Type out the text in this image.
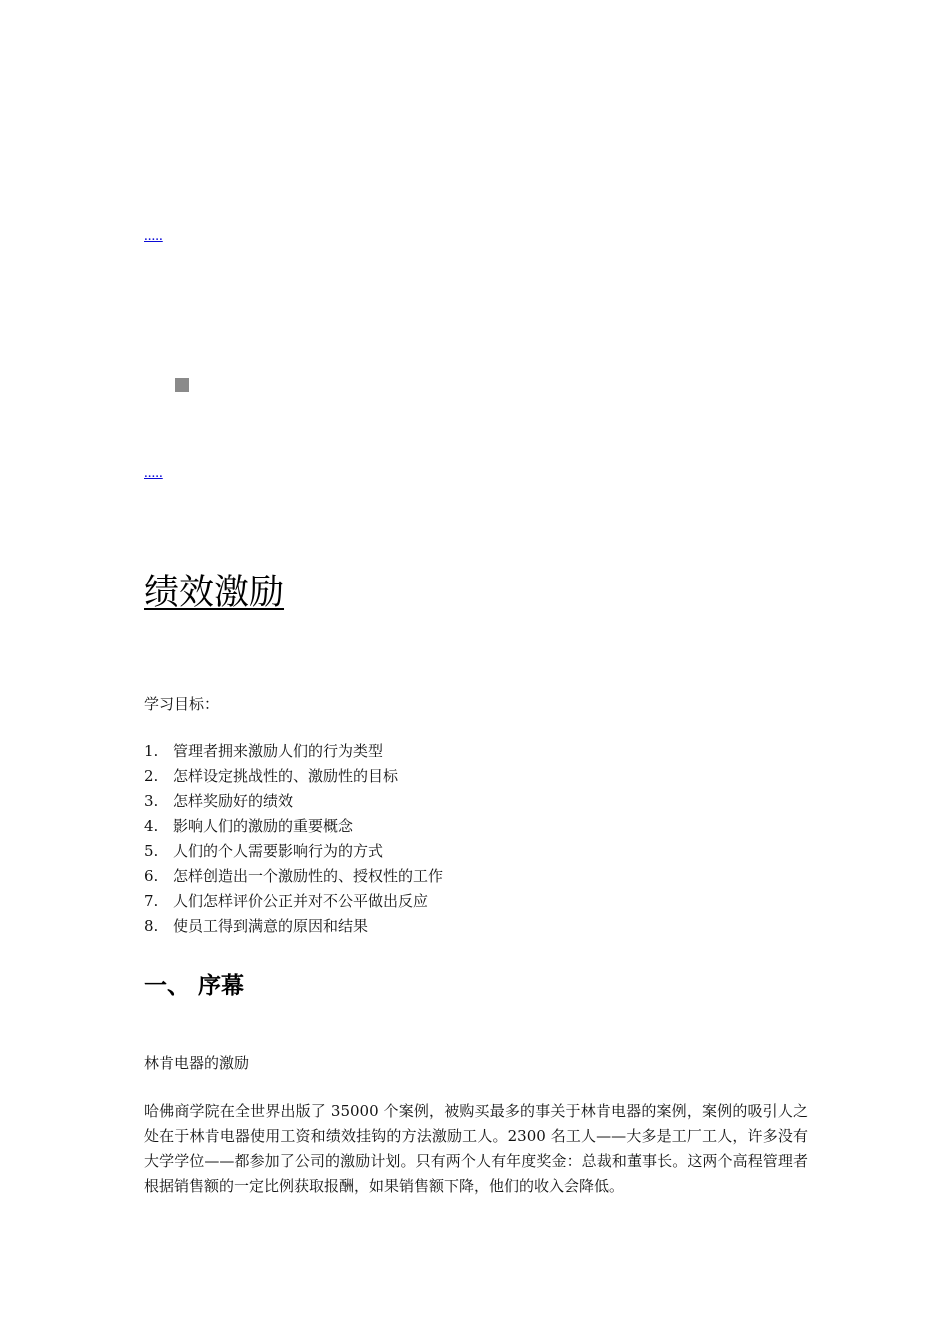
.....
.....
绩效激励
学习目标：
1. 管理者拥来激励人们的行为类型
2. 怎样设定挑战性的、激励性的目标
3. 怎样奖励好的绩效
4. 影响人们的激励的重要概念
5. 人们的个人需要影响行为的方式
6. 怎样创造出一个激励性的、授权性的工作
7. 人们怎样评价公正并对不公平做出反应
8. 使员工得到满意的原因和结果
一、 序幕
林肯电器的激励

哈佛商学院在全世界出版了 35000 个案例，被购买最多的事关于林肯电器的案例，案例的吸引人之处在于林肯电器使用工资和绩效挂钩的方法激励工人。2300 名工人——大多是工厂工人，许多没有大学学位——都参加了公司的激励计划。只有两个人有年度奖金：总裁和董事长。这两个高程管理者根据销售额的一定比例获取报酬，如果销售额下降，他们的收入会降低。
